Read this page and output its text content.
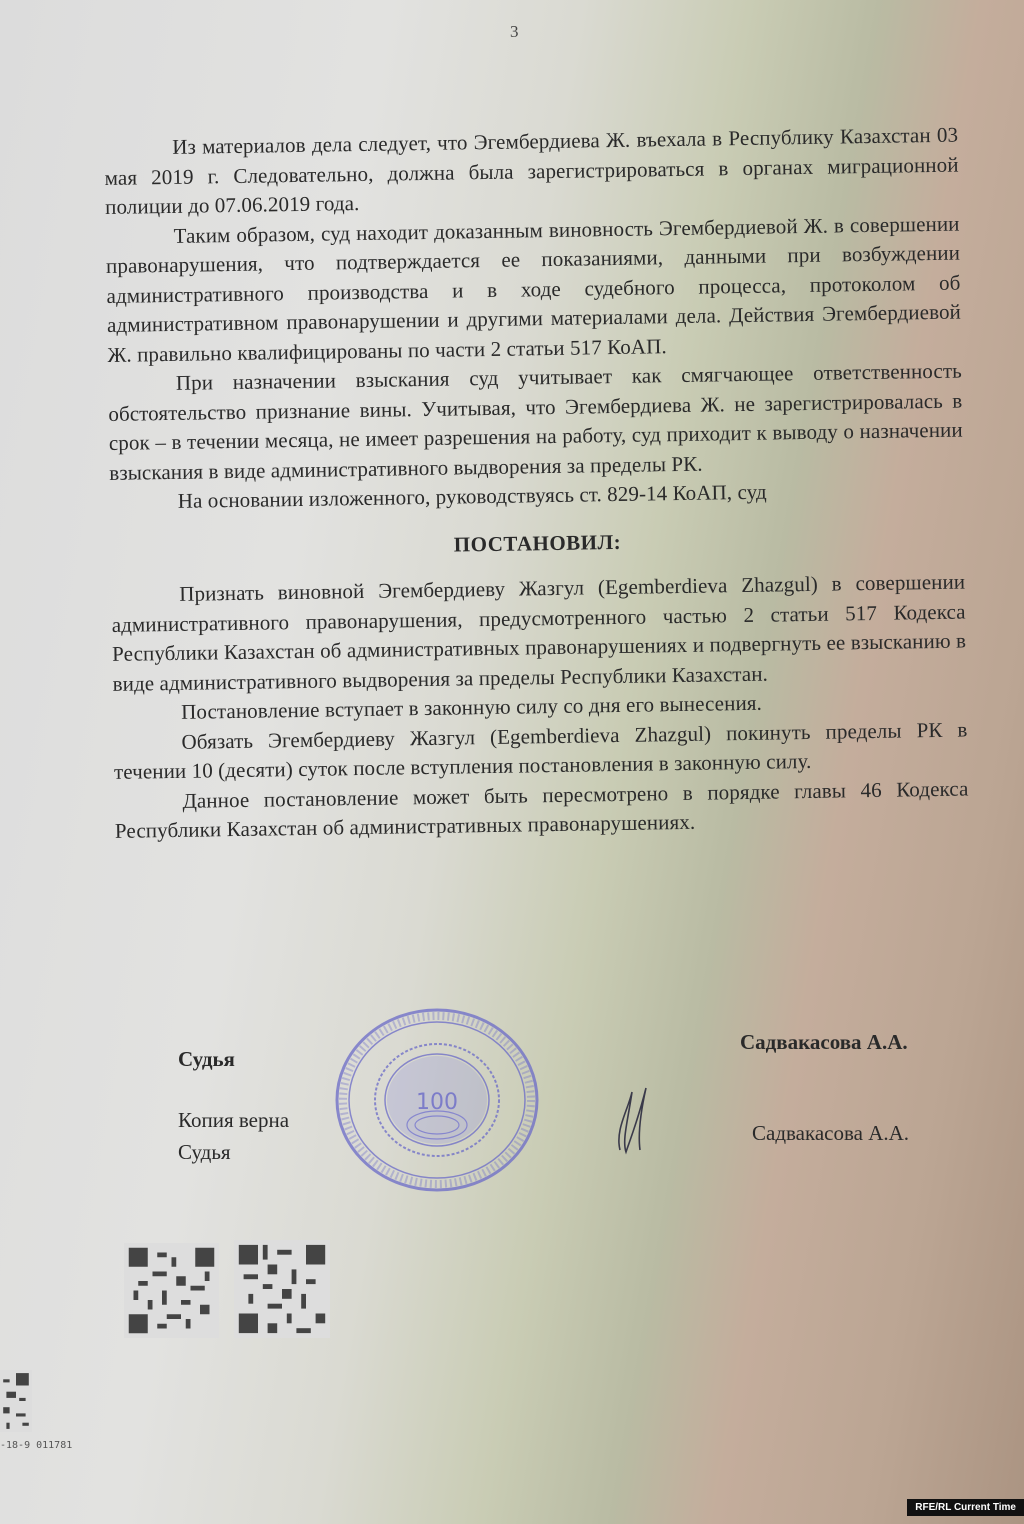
3

Из материалов дела следует, что Эгембердиева Ж. въехала в Республику Казахстан 03 мая 2019 г. Следовательно, должна была зарегистрироваться в органах миграционной полиции до 07.06.2019 года.

Таким образом, суд находит доказанным виновность Эгембердиевой Ж. в совершении правонарушения, что подтверждается ее показаниями, данными при возбуждении административного производства и в ходе судебного процесса, протоколом об административном правонарушении и другими материалами дела. Действия Эгембердиевой Ж. правильно квалифицированы по части 2 статьи 517 КоАП.

При назначении взыскания суд учитывает как смягчающее ответственность обстоятельство признание вины. Учитывая, что Эгембердиева Ж. не зарегистрировалась в срок – в течении месяца, не имеет разрешения на работу, суд приходит к выводу о назначении взыскания в виде административного выдворения за пределы РК.

На основании изложенного, руководствуясь ст. 829-14 КоАП, суд

ПОСТАНОВИЛ:

Признать виновной Эгембердиеву Жазгул (Egemberdieva Zhazgul) в совершении административного правонарушения, предусмотренного частью 2 статьи 517 Кодекса Республики Казахстан об административных правонарушениях и подвергнуть ее взысканию в виде административного выдворения за пределы Республики Казахстан.

Постановление вступает в законную силу со дня его вынесения.

Обязать Эгембердиеву Жазгул (Egemberdieva Zhazgul) покинуть пределы РК в течении 10 (десяти) суток после вступления постановления в законную силу.

Данное постановление может быть пересмотрено в порядке главы 46 Кодекса Республики Казахстан об административных правонарушениях.

Судья
Копия верна
Судья
Садвакасова А.А.
Садвакасова А.А.
100
-18-9 011781
RFE/RL Current Time
